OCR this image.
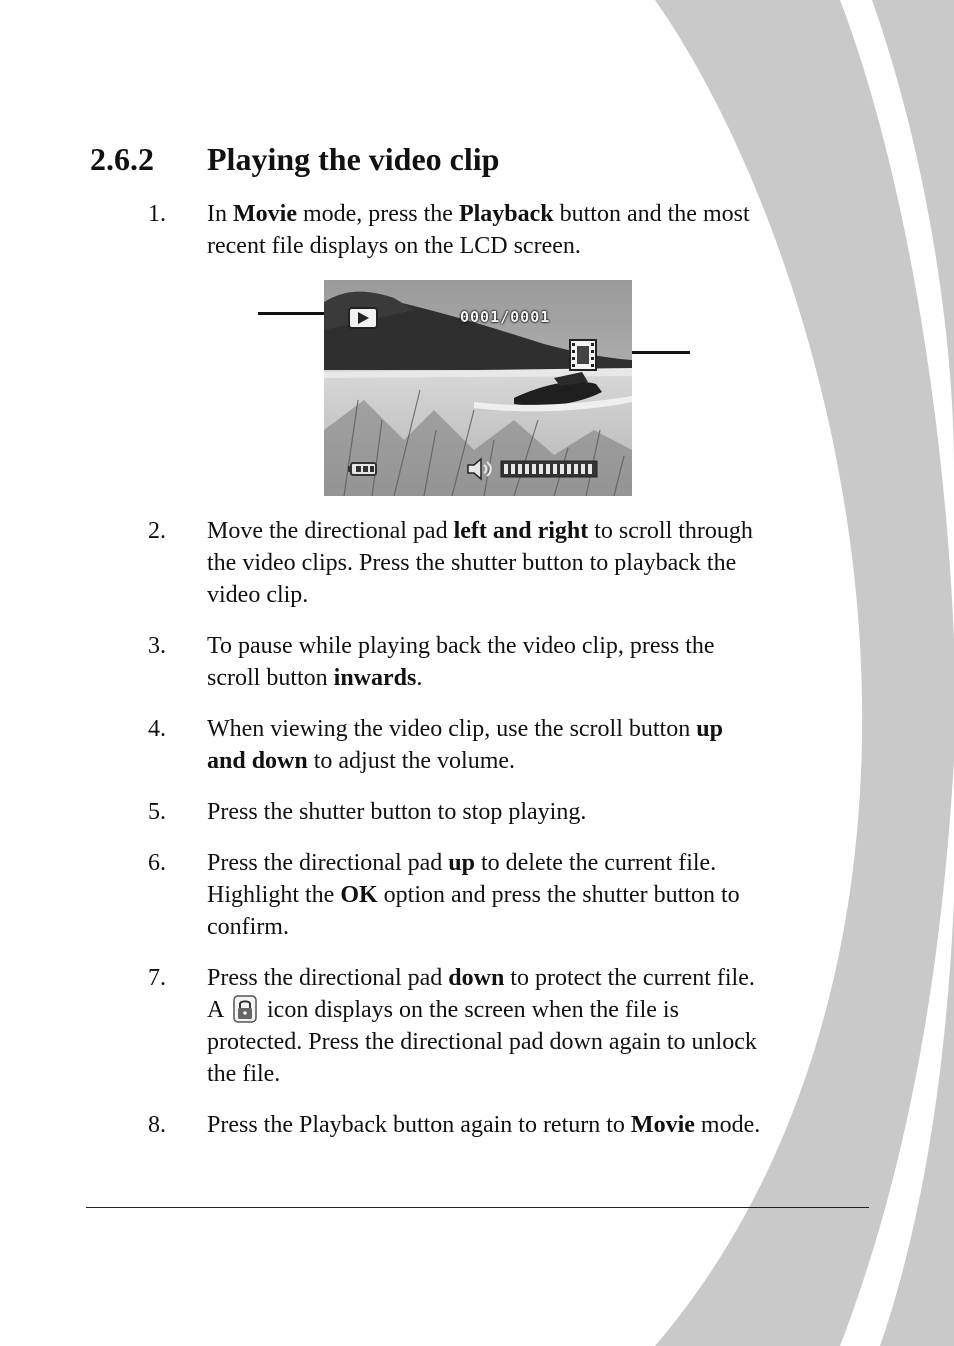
2.6.2 Playing the video clip
1. In Movie mode, press the Playback button and the most
recent file displays on the LCD screen.
0001/0001
2. Move the directional pad left and right to scroll through
the video clips. Press the shutter button to playback the
video clip.
3. To pause while playing back the video clip, press the
scroll button inwards.
4. When viewing the video clip, use the scroll button up
and down to adjust the volume.
5. Press the shutter button to stop playing.
6. Press the directional pad up to delete the current file.
Highlight the OK option and press the shutter button to
confirm.
7. Press the directional pad down to protect the current file.
A  icon displays on the screen when the file is
protected. Press the directional pad down again to unlock
the file.
8. Press the Playback button again to return to Movie mode.
